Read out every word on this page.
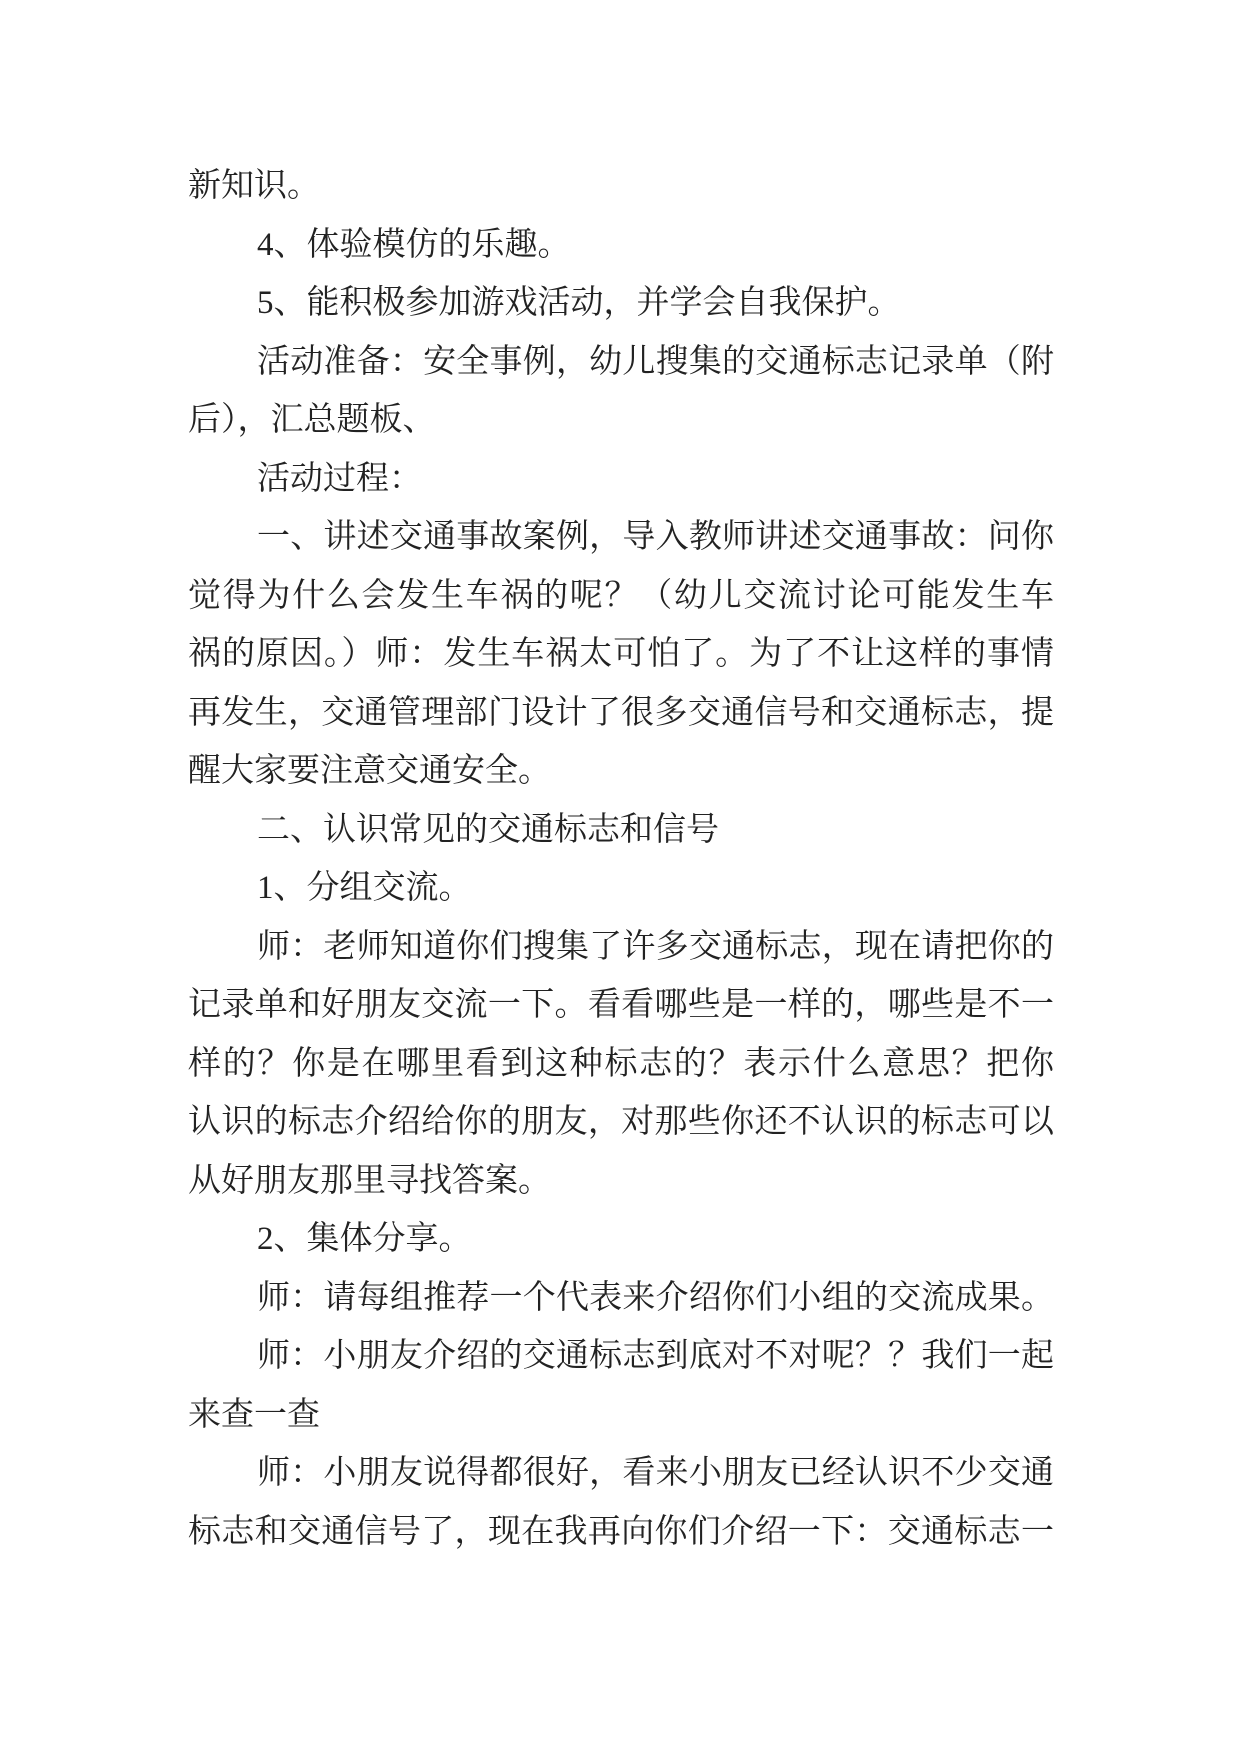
新知识。
4、体验模仿的乐趣。
5、能积极参加游戏活动，并学会自我保护。
活动准备：安全事例，幼儿搜集的交通标志记录单（附
后），汇总题板、
活动过程：
一、讲述交通事故案例，导入教师讲述交通事故：问你
觉得为什么会发生车祸的呢？（幼儿交流讨论可能发生车
祸的原因。）师：发生车祸太可怕了。为了不让这样的事情
再发生，交通管理部门设计了很多交通信号和交通标志，提
醒大家要注意交通安全。
二、认识常见的交通标志和信号
1、分组交流。
师：老师知道你们搜集了许多交通标志，现在请把你的
记录单和好朋友交流一下。看看哪些是一样的，哪些是不一
样的？你是在哪里看到这种标志的？表示什么意思？把你
认识的标志介绍给你的朋友，对那些你还不认识的标志可以
从好朋友那里寻找答案。
2、集体分享。
师：请每组推荐一个代表来介绍你们小组的交流成果。
师：小朋友介绍的交通标志到底对不对呢？？我们一起
来查一查
师：小朋友说得都很好，看来小朋友已经认识不少交通
标志和交通信号了，现在我再向你们介绍一下：交通标志一
